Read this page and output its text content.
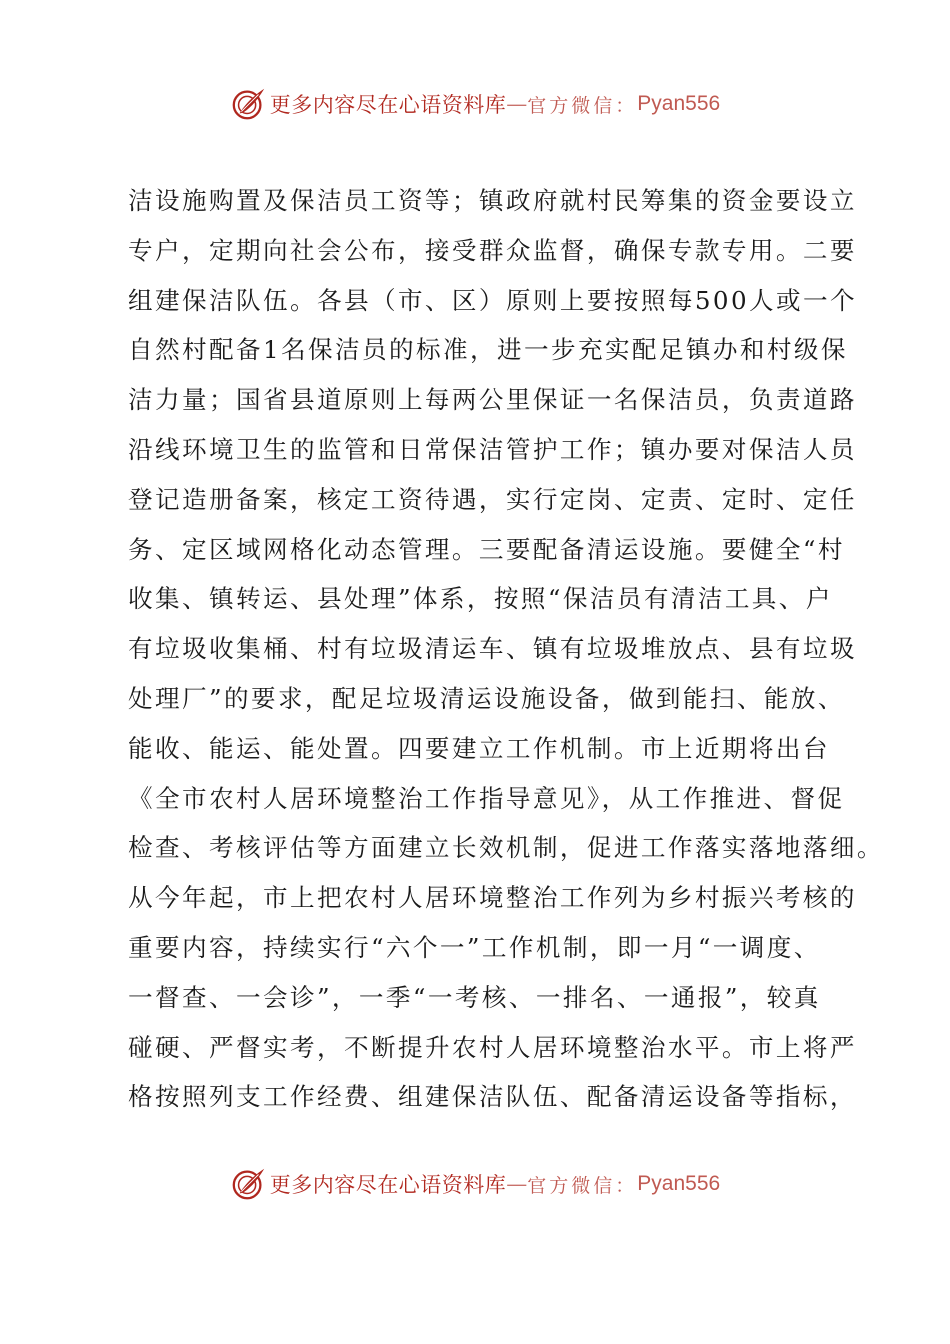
更多内容尽在心语资料库 — 官方微信： Pyan556
洁设施购置及保洁员工资等；镇政府就村民筹集的资金要设立
专户，定期向社会公布，接受群众监督，确保专款专用。二要
组建保洁队伍。各县（市、区）原则上要按照每500人或一个
自然村配备1名保洁员的标准，进一步充实配足镇办和村级保
洁力量；国省县道原则上每两公里保证一名保洁员，负责道路
沿线环境卫生的监管和日常保洁管护工作；镇办要对保洁人员
登记造册备案，核定工资待遇，实行定岗、定责、定时、定任
务、定区域网格化动态管理。三要配备清运设施。要健全“村
收集、镇转运、县处理”体系，按照“保洁员有清洁工具、户
有垃圾收集桶、村有垃圾清运车、镇有垃圾堆放点、县有垃圾
处理厂”的要求，配足垃圾清运设施设备，做到能扫、能放、
能收、能运、能处置。四要建立工作机制。市上近期将出台
《全市农村人居环境整治工作指导意见》，从工作推进、督促
检查、考核评估等方面建立长效机制，促进工作落实落地落细。
从今年起，市上把农村人居环境整治工作列为乡村振兴考核的
重要内容，持续实行“六个一”工作机制，即一月“一调度、
一督查、一会诊”，一季“一考核、一排名、一通报”，较真
碰硬、严督实考，不断提升农村人居环境整治水平。市上将严
格按照列支工作经费、组建保洁队伍、配备清运设备等指标，
更多内容尽在心语资料库 — 官方微信： Pyan556
